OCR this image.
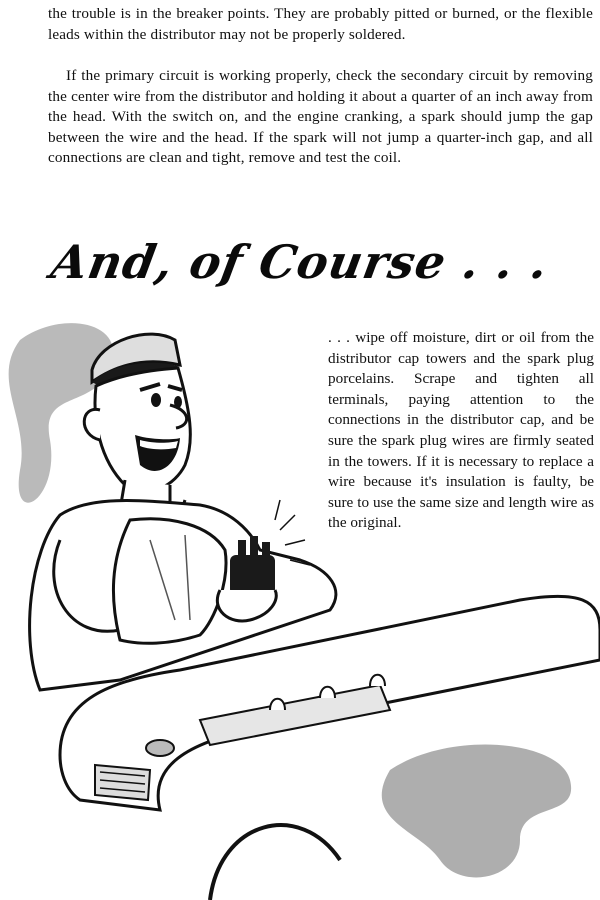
the trouble is in the breaker points. They are probably pitted or burned, or the flexible leads within the distributor may not be properly soldered.

If the primary circuit is working properly, check the secondary circuit by removing the center wire from the distributor and holding it about a quarter of an inch away from the head. With the switch on, and the engine cranking, a spark should jump the gap between the wire and the head. If the spark will not jump a quarter-inch gap, and all connections are clean and tight, remove and test the coil.

And, of Course . . .

. . . wipe off moisture, dirt or oil from the distributor cap towers and the spark plug porcelains. Scrape and tighten all terminals, paying attention to the connections in the distributor cap, and be sure the spark plug wires are firmly seated in the towers. If it is necessary to replace a wire because it's insulation is faulty, be sure to use the same size and length wire as the original.
